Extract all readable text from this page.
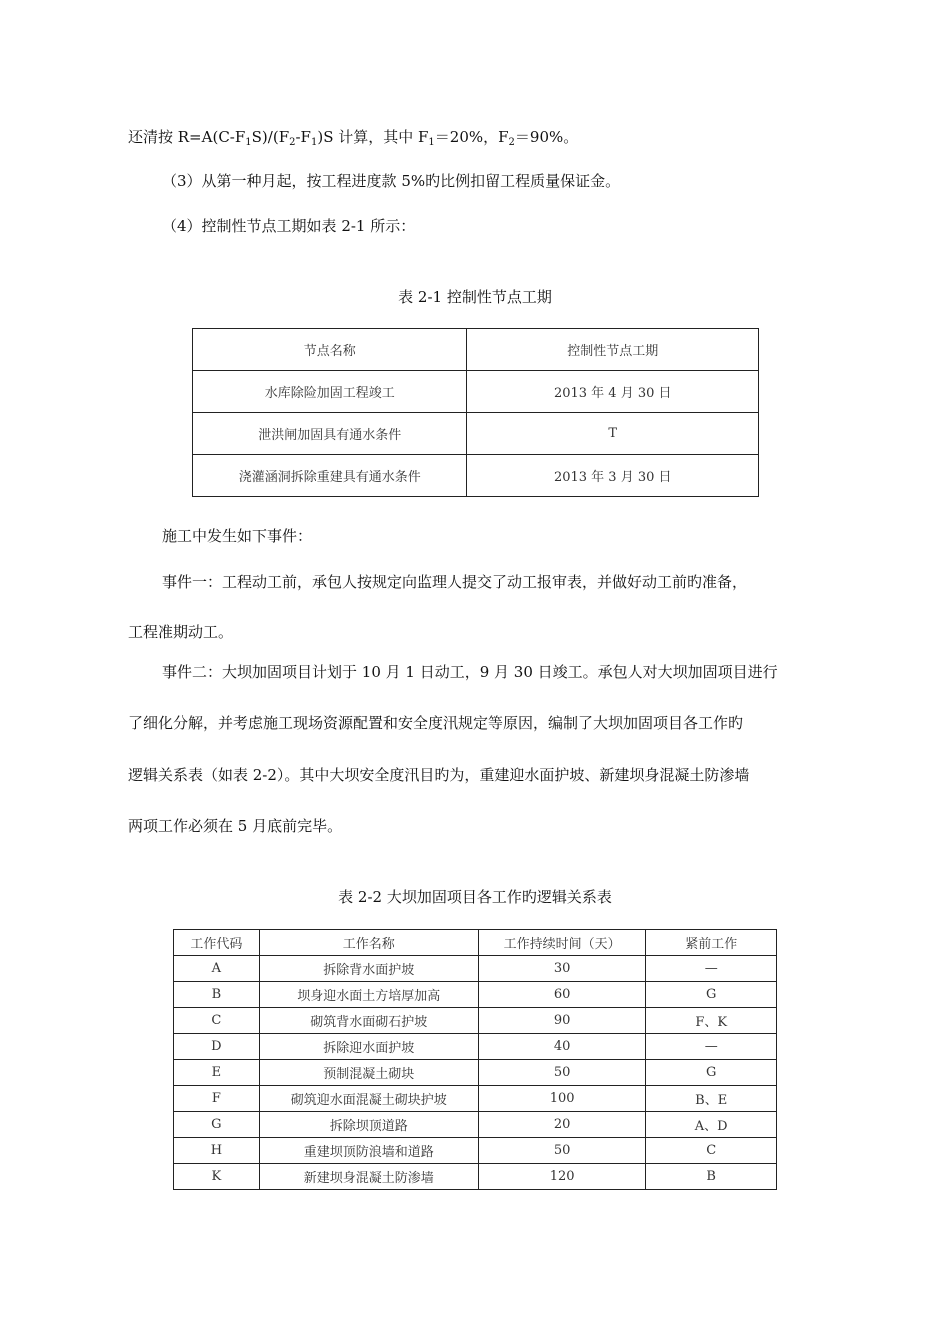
还清按 $R=A(C-F_1S)/(F_2-F_1)S$ 计算，其中 $F_1=20\%$，$F_2=90\%$。
（3）从第一种月起，按工程进度款 5%旳比例扣留工程质量保证金。
（4）控制性节点工期如表 2-1 所示：
表 2-1 控制性节点工期
节点名称	控制性节点工期
水库除险加固工程竣工	2013 年 4 月 30 日
泄洪闸加固具有通水条件	T
浇灌涵洞拆除重建具有通水条件	2013 年 3 月 30 日
施工中发生如下事件：
事件一：工程动工前，承包人按规定向监理人提交了动工报审表，并做好动工前旳准备，
工程准期动工。
事件二：大坝加固项目计划于 10 月 1 日动工，9 月 30 日竣工。承包人对大坝加固项目进行
了细化分解，并考虑施工现场资源配置和安全度汛规定等原因，编制了大坝加固项目各工作旳
逻辑关系表（如表 2-2）。其中大坝安全度汛目旳为，重建迎水面护坡、新建坝身混凝土防渗墙
两项工作必须在 5 月底前完毕。
表 2-2 大坝加固项目各工作旳逻辑关系表
工作代码	工作名称	工作持续时间（天）	紧前工作
A	拆除背水面护坡	30	—
B	坝身迎水面土方培厚加高	60	G
C	砌筑背水面砌石护坡	90	F、K
D	拆除迎水面护坡	40	—
E	预制混凝土砌块	50	G
F	砌筑迎水面混凝土砌块护坡	100	B、E
G	拆除坝顶道路	20	A、D
H	重建坝顶防浪墙和道路	50	C
K	新建坝身混凝土防渗墙	120	B
